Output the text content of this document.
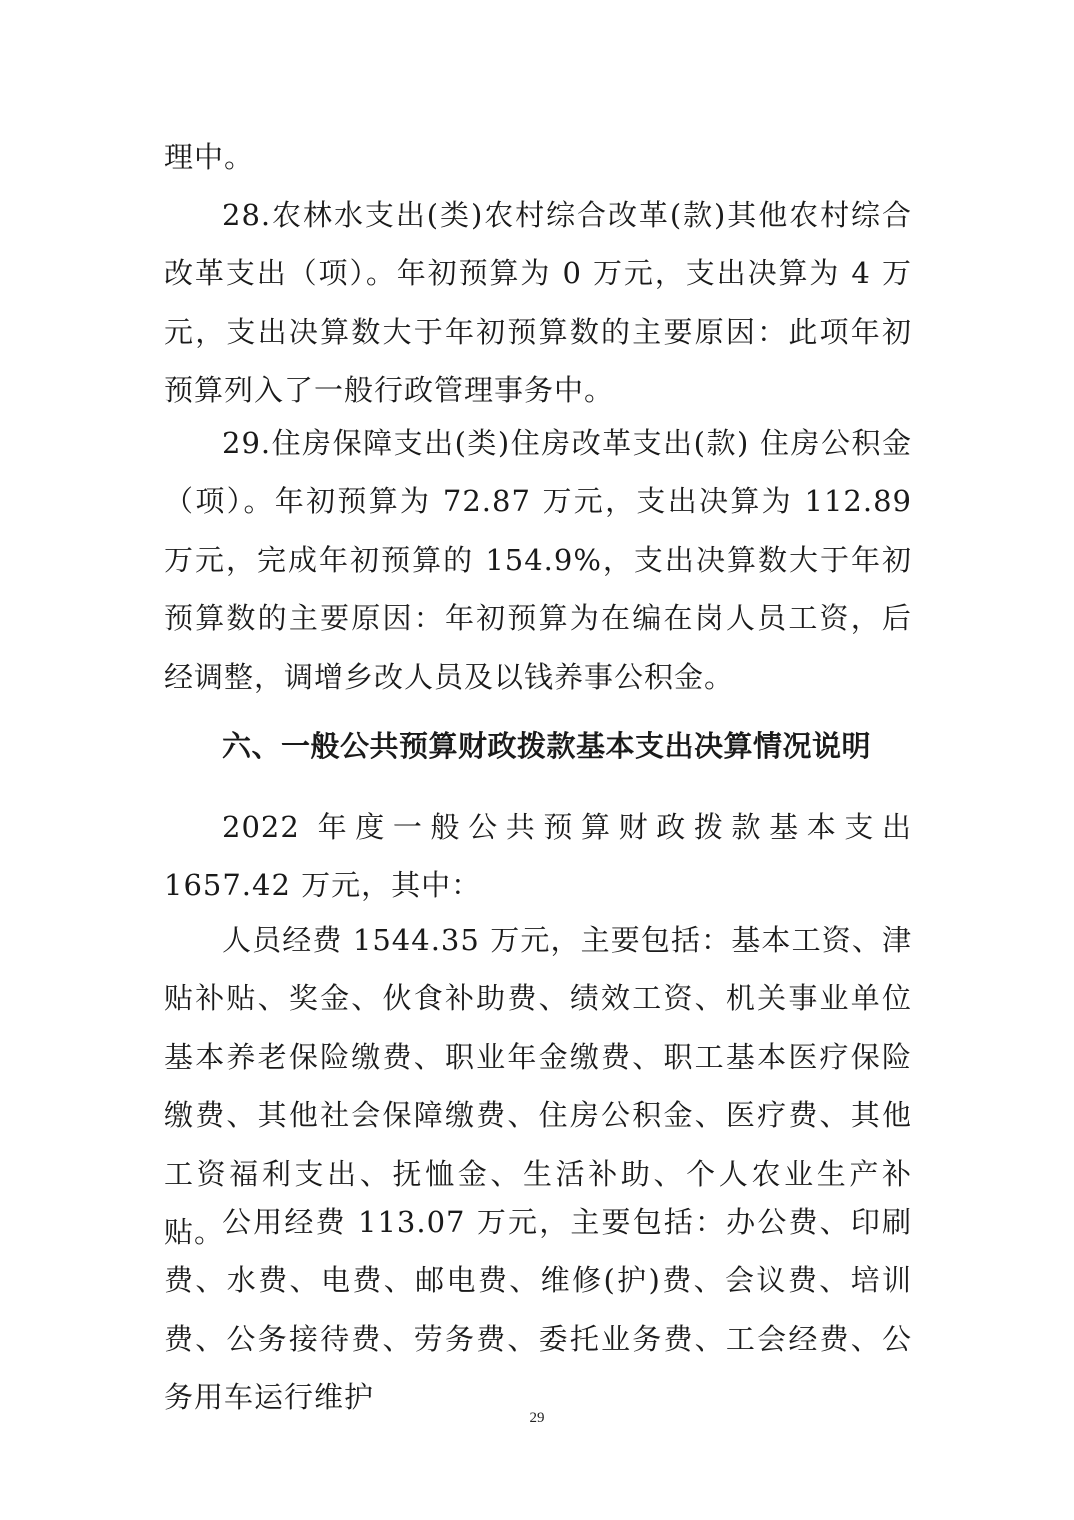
理中。

28.农林水支出(类)农村综合改革(款)其他农村综合改革支出（项）。年初预算为 0 万元，支出决算为 4 万元，支出决算数大于年初预算数的主要原因：此项年初预算列入了一般行政管理事务中。

29.住房保障支出(类)住房改革支出(款) 住房公积金（项）。年初预算为 72.87 万元，支出决算为 112.89 万元，完成年初预算的 154.9%，支出决算数大于年初预算数的主要原因：年初预算为在编在岗人员工资，后经调整，调增乡改人员及以钱养事公积金。

六、一般公共预算财政拨款基本支出决算情况说明

2022 年度一般公共预算财政拨款基本支出 1657.42 万元，其中：

人员经费 1544.35 万元，主要包括：基本工资、津贴补贴、奖金、伙食补助费、绩效工资、机关事业单位基本养老保险缴费、职业年金缴费、职工基本医疗保险缴费、其他社会保障缴费、住房公积金、医疗费、其他工资福利支出、抚恤金、生活补助、个人农业生产补贴。

公用经费 113.07 万元，主要包括：办公费、印刷费、水费、电费、邮电费、维修(护)费、会议费、培训费、公务接待费、劳务费、委托业务费、工会经费、公务用车运行维护

29
